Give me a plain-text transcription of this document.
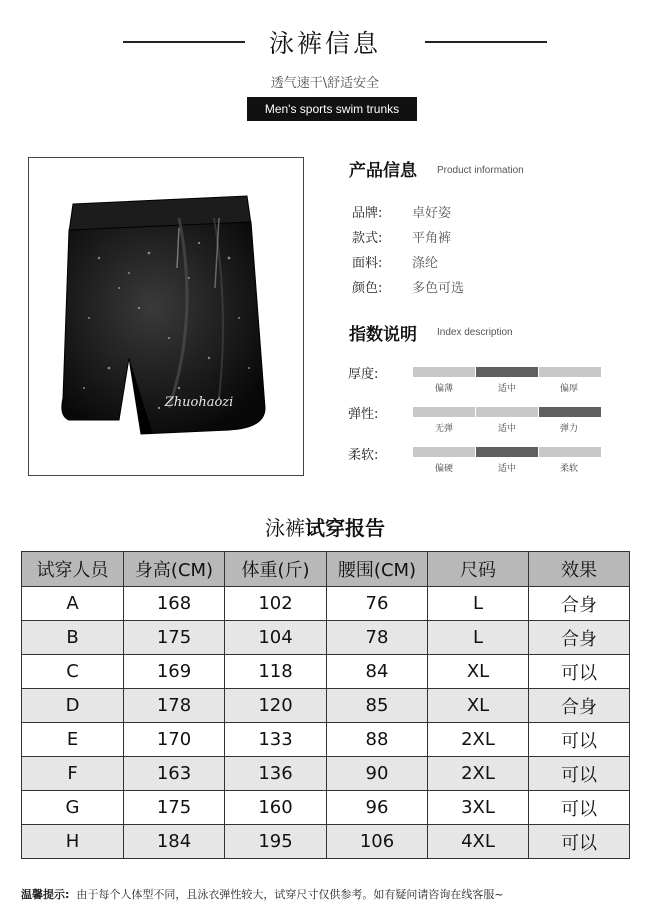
泳裤信息
透气速干\舒适安全
Men's sports swim trunks
Zhuohaozi
产品信息 Product information
品牌: 卓好姿
款式: 平角裤
面料: 涤纶
颜色: 多色可选
指数说明 Index description
厚度:
偏薄	适中	偏厚
弹性:
无弹	适中	弹力
柔软:
偏硬	适中	柔软
泳裤试穿报告
试穿人员	身高(CM)	体重(斤)	腰围(CM)	尺码	效果
A	168	102	76	L	合身
B	175	104	78	L	合身
C	169	118	84	XL	可以
D	178	120	85	XL	合身
E	170	133	88	2XL	可以
F	163	136	90	2XL	可以
G	175	160	96	3XL	可以
H	184	195	106	4XL	可以
温馨提示: 由于每个人体型不同，且泳衣弹性较大，试穿尺寸仅供参考。如有疑问请咨询在线客服~
